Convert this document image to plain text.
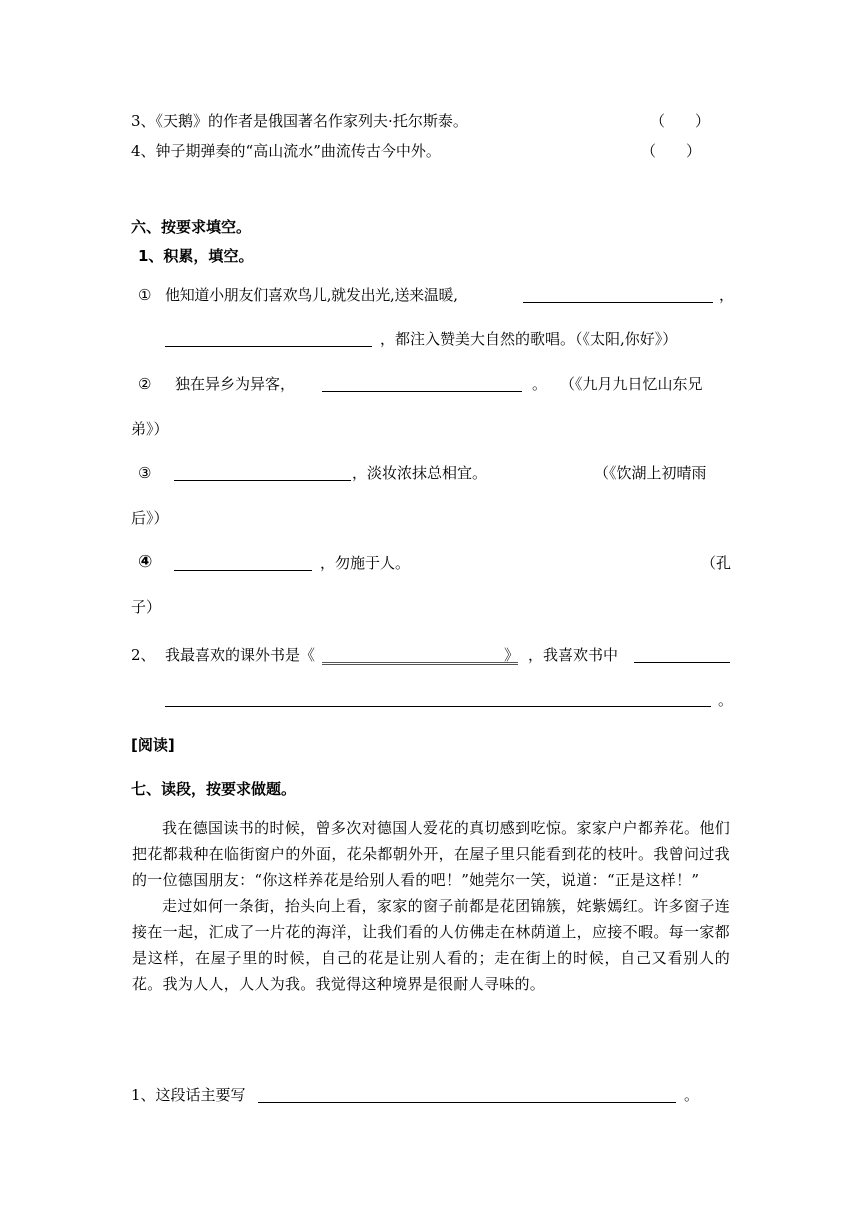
3、《天鹅》的作者是俄国著名作家列夫·托尔斯泰。	（　　）
4、钟子期弹奏的“高山流水”曲流传古今中外。	（　　）
六、按要求填空。
1、积累，填空。
① 他知道小朋友们喜欢鸟儿,就发出光,送来温暖,	，
，都注入赞美大自然的歌唱。（《太阳,你好》）
② 独在异乡为异客，	。 （《九月九日忆山东兄
弟》）
③	，淡妆浓抹总相宜。	（《饮湖上初晴雨
后》）
④	，勿施于人。	（孔
子）
2、 我最喜欢的课外书是《	》 ，我喜欢书中
。
[阅读]
七、读段，按要求做题。

我在德国读书的时候，曾多次对德国人爱花的真切感到吃惊。家家户户都养花。他们把花都栽种在临街窗户的外面，花朵都朝外开，在屋子里只能看到花的枝叶。我曾问过我的一位德国朋友：“你这样养花是给别人看的吧！”她莞尔一笑，说道：“正是这样！”

走过如何一条街，抬头向上看，家家的窗子前都是花团锦簇，姹紫嫣红。许多窗子连接在一起，汇成了一片花的海洋，让我们看的人仿佛走在林荫道上，应接不暇。每一家都是这样，在屋子里的时候，自己的花是让别人看的；走在街上的时候，自己又看别人的花。我为人人，人人为我。我觉得这种境界是很耐人寻味的。

1、这段话主要写	。
